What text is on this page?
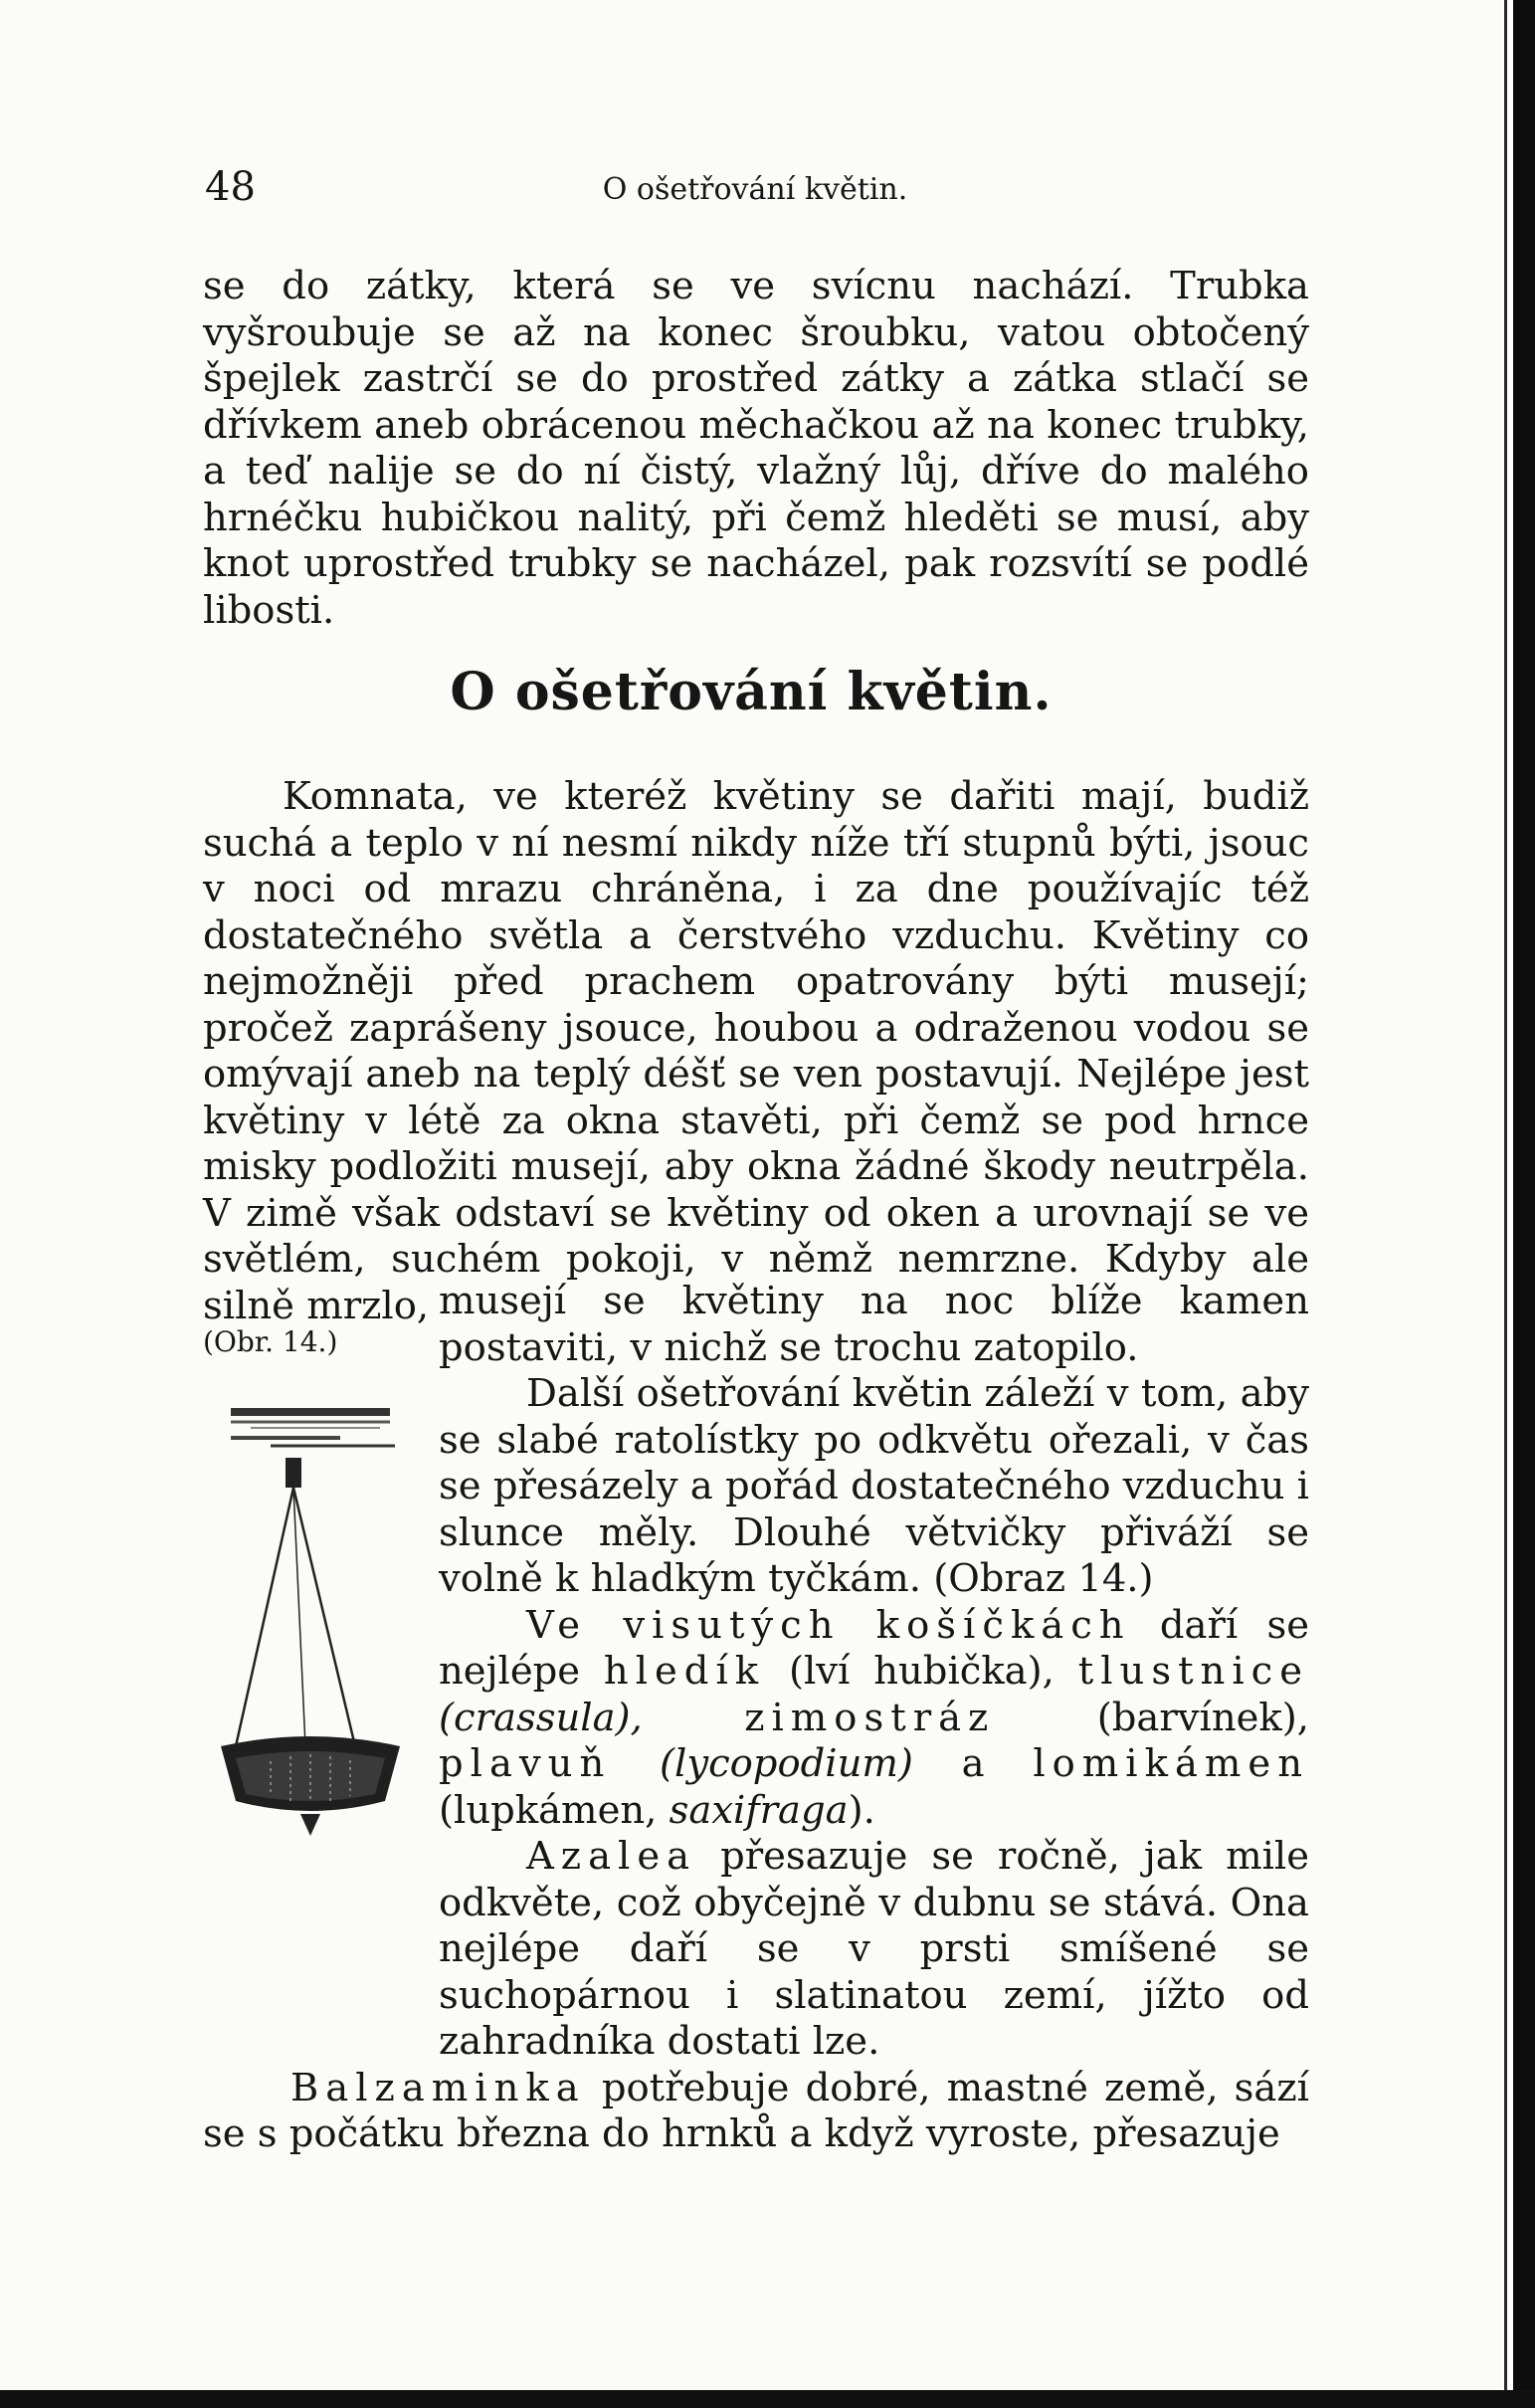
48	O ošetřování květin.

se do zátky, která se ve svícnu nachází. Trubka vyšroubuje se až na konec šroubku, vatou obtočený špejlek zastrčí se do prostřed zátky a zátka stlačí se dřívkem aneb obrácenou měchačkou až na konec trubky, a teď nalije se do ní čistý, vlažný lůj, dříve do malého hrnéčku hubičkou nalitý, při čemž hleděti se musí, aby knot uprostřed trubky se nacházel, pak rozsvítí se podlé libosti.

O ošetřování květin.

Komnata, ve kteréž květiny se dařiti mají, budiž suchá a teplo v ní nesmí nikdy níže tří stupnů býti, jsouc v noci od mrazu chráněna, i za dne používajíc též dostatečného světla a čerstvého vzduchu. Květiny co nejmožněji před prachem opatrovány býti musejí; pročež zaprášeny jsouce, houbou a odraženou vodou se omývají aneb na teplý déšť se ven postavují. Nejlépe jest květiny v létě za okna stavěti, při čemž se pod hrnce misky podložiti musejí, aby okna žádné škody neutrpěla. V zimě však odstaví se květiny od oken a urovnají se ve světlém, suchém pokoji, v němž nemrzne. Kdyby ale silně mrzlo,

(Obr. 14.)

musejí se květiny na noc blíže kamen postaviti, v nichž se trochu zatopilo.

Další ošetřování květin záleží v tom, aby se slabé ratolístky po odkvětu ořezali, v čas se přesázely a pořád dostatečného vzduchu i slunce měly. Dlouhé větvičky přiváží se volně k hladkým tyčkám. (Obraz 14.)

Ve visutých košíčkách daří se nejlépe hledík (lví hubička), tlustnice (crassula),	zimostráz (barvínek), plavuň (lycopodium) a lomikámen (lupkámen, saxifraga).

Azalea přesazuje se ročně, jak mile odkvěte, což obyčejně v dubnu se stává. Ona nejlépe daří se v prsti smíšené se suchopárnou i slatinatou zemí, jížto od zahradníka dostati lze.

Balzaminka potřebuje dobré, mastné země, sází se s počátku března do hrnků a když vyroste, přesazuje
